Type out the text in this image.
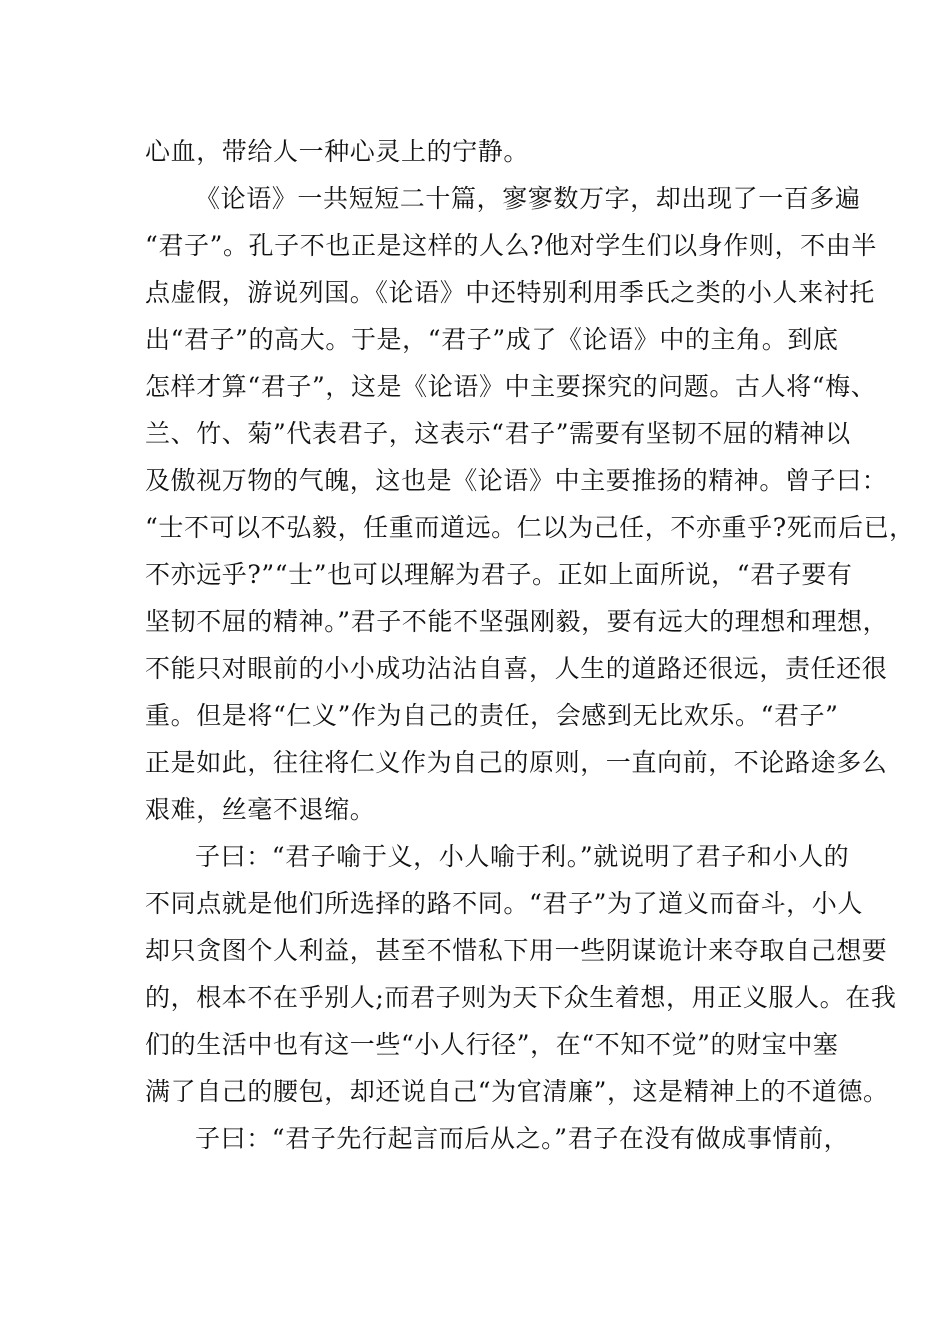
心血，带给人一种心灵上的宁静。
《论语》一共短短二十篇，寥寥数万字，却出现了一百多遍
“君子”。孔子不也正是这样的人么?他对学生们以身作则，不由半
点虚假，游说列国。《论语》中还特别利用季氏之类的小人来衬托
出“君子”的高大。于是，“君子”成了《论语》中的主角。到底
怎样才算“君子”，这是《论语》中主要探究的问题。古人将“梅、
兰、竹、菊”代表君子，这表示“君子”需要有坚韧不屈的精神以
及傲视万物的气魄，这也是《论语》中主要推扬的精神。曾子曰：
“士不可以不弘毅，任重而道远。仁以为己任，不亦重乎?死而后已，
不亦远乎?”“士”也可以理解为君子。正如上面所说，“君子要有
坚韧不屈的精神。”君子不能不坚强刚毅，要有远大的理想和理想，
不能只对眼前的小小成功沾沾自喜，人生的道路还很远，责任还很
重。但是将“仁义”作为自己的责任，会感到无比欢乐。“君子”
正是如此，往往将仁义作为自己的原则，一直向前，不论路途多么
艰难，丝毫不退缩。
子曰：“君子喻于义，小人喻于利。”就说明了君子和小人的
不同点就是他们所选择的路不同。“君子”为了道义而奋斗，小人
却只贪图个人利益，甚至不惜私下用一些阴谋诡计来夺取自己想要
的，根本不在乎别人;而君子则为天下众生着想，用正义服人。在我
们的生活中也有这一些“小人行径”，在“不知不觉”的财宝中塞
满了自己的腰包，却还说自己“为官清廉”，这是精神上的不道德。
子曰：“君子先行起言而后从之。”君子在没有做成事情前，
